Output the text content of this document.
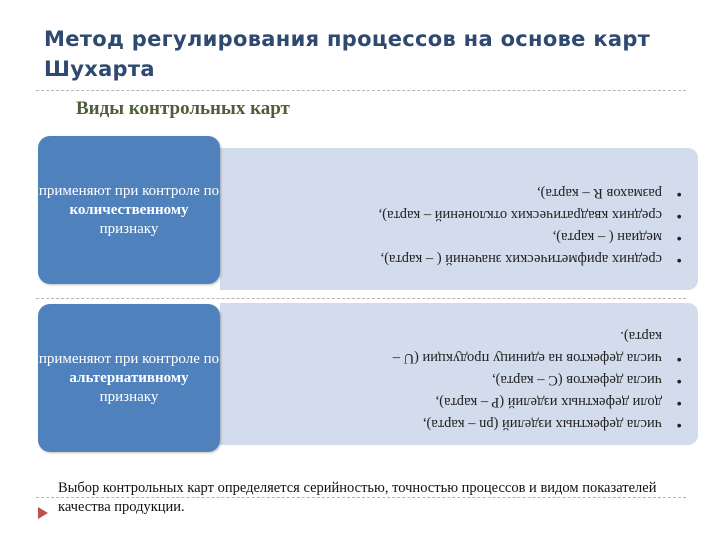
Метод регулирования процессов на основе карт Шухарта
Виды контрольных карт
• средних арифметических значений ( – карта),
• медиан ( – карта),
• средних квадратических отклонений – карта),
• размахов R – карта),
применяют при контроле по
количественному
признаку
• числа дефектных изделий (pn – карта),
• доли дефектных изделий (P – карта),
• числа дефектов (C – карта),
• числа дефектов на единицу продукции (U –
карта).
применяют при контроле по
альтернативному
признаку
Выбор контрольных карт определяется серийностью, точностью процессов и видом показателей качества продукции.
